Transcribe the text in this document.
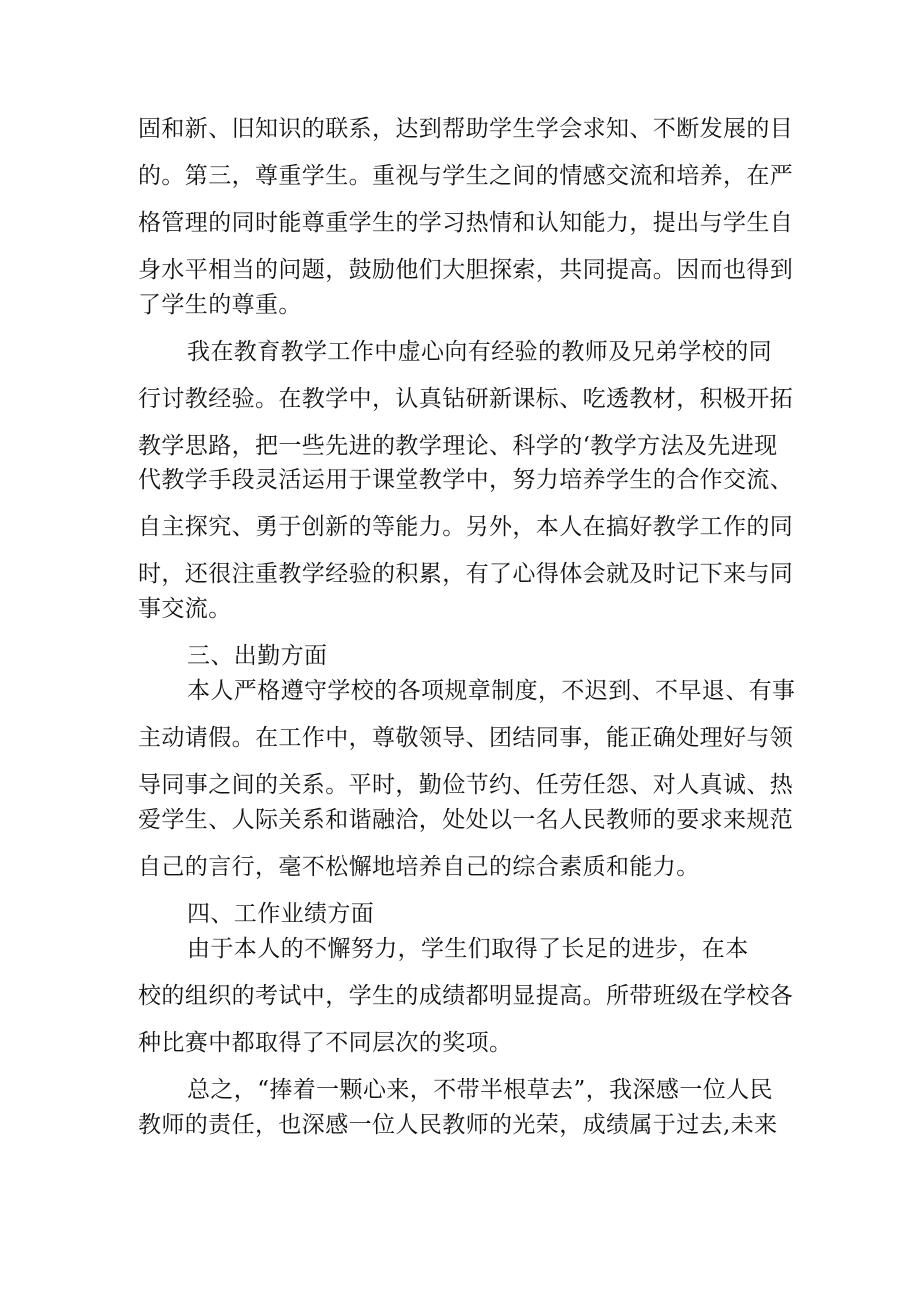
固和新、旧知识的联系，达到帮助学生学会求知、不断发展的目

的。第三，尊重学生。重视与学生之间的情感交流和培养，在严

格管理的同时能尊重学生的学习热情和认知能力，提出与学生自

身水平相当的问题，鼓励他们大胆探索，共同提高。因而也得到

了学生的尊重。

我在教育教学工作中虚心向有经验的教师及兄弟学校的同

行讨教经验。在教学中，认真钻研新课标、吃透教材，积极开拓

教学思路，把一些先进的教学理论、科学的‘教学方法及先进现

代教学手段灵活运用于课堂教学中，努力培养学生的合作交流、

自主探究、勇于创新的等能力。另外，本人在搞好教学工作的同

时，还很注重教学经验的积累，有了心得体会就及时记下来与同

事交流。

三、出勤方面

本人严格遵守学校的各项规章制度，不迟到、不早退、有事

主动请假。在工作中，尊敬领导、团结同事，能正确处理好与领

导同事之间的关系。平时，勤俭节约、任劳任怨、对人真诚、热

爱学生、人际关系和谐融洽，处处以一名人民教师的要求来规范

自己的言行，毫不松懈地培养自己的综合素质和能力。

四、工作业绩方面

由于本人的不懈努力，学生们取得了长足的进步，在本

校的组织的考试中，学生的成绩都明显提高。所带班级在学校各

种比赛中都取得了不同层次的奖项。

总之，“捧着一颗心来，不带半根草去”，我深感一位人民

教师的责任，也深感一位人民教师的光荣，成绩属于过去,未来
